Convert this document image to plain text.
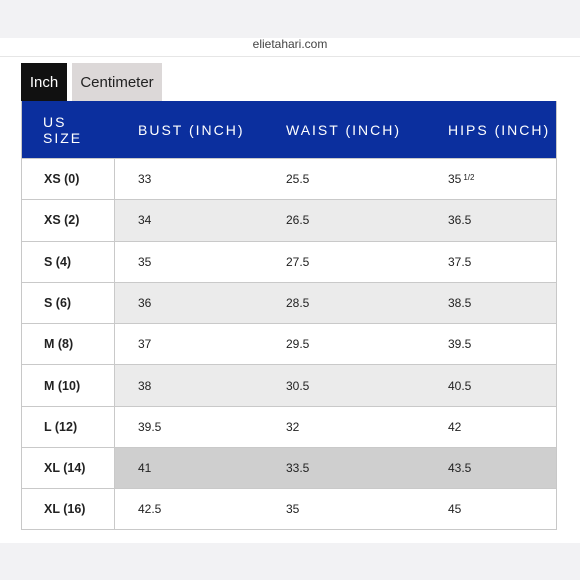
elietahari.com
Inch	Centimeter
US
SIZE	BUST (INCH)	WAIST (INCH)	HIPS (INCH)
XS (0)	33	25.5	35 $^{1/2}$
XS (2)	34	26.5	36.5
S (4)	35	27.5	37.5
S (6)	36	28.5	38.5
M (8)	37	29.5	39.5
M (10)	38	30.5	40.5
L (12)	39.5	32	42
XL (14)	41	33.5	43.5
XL (16)	42.5	35	45
